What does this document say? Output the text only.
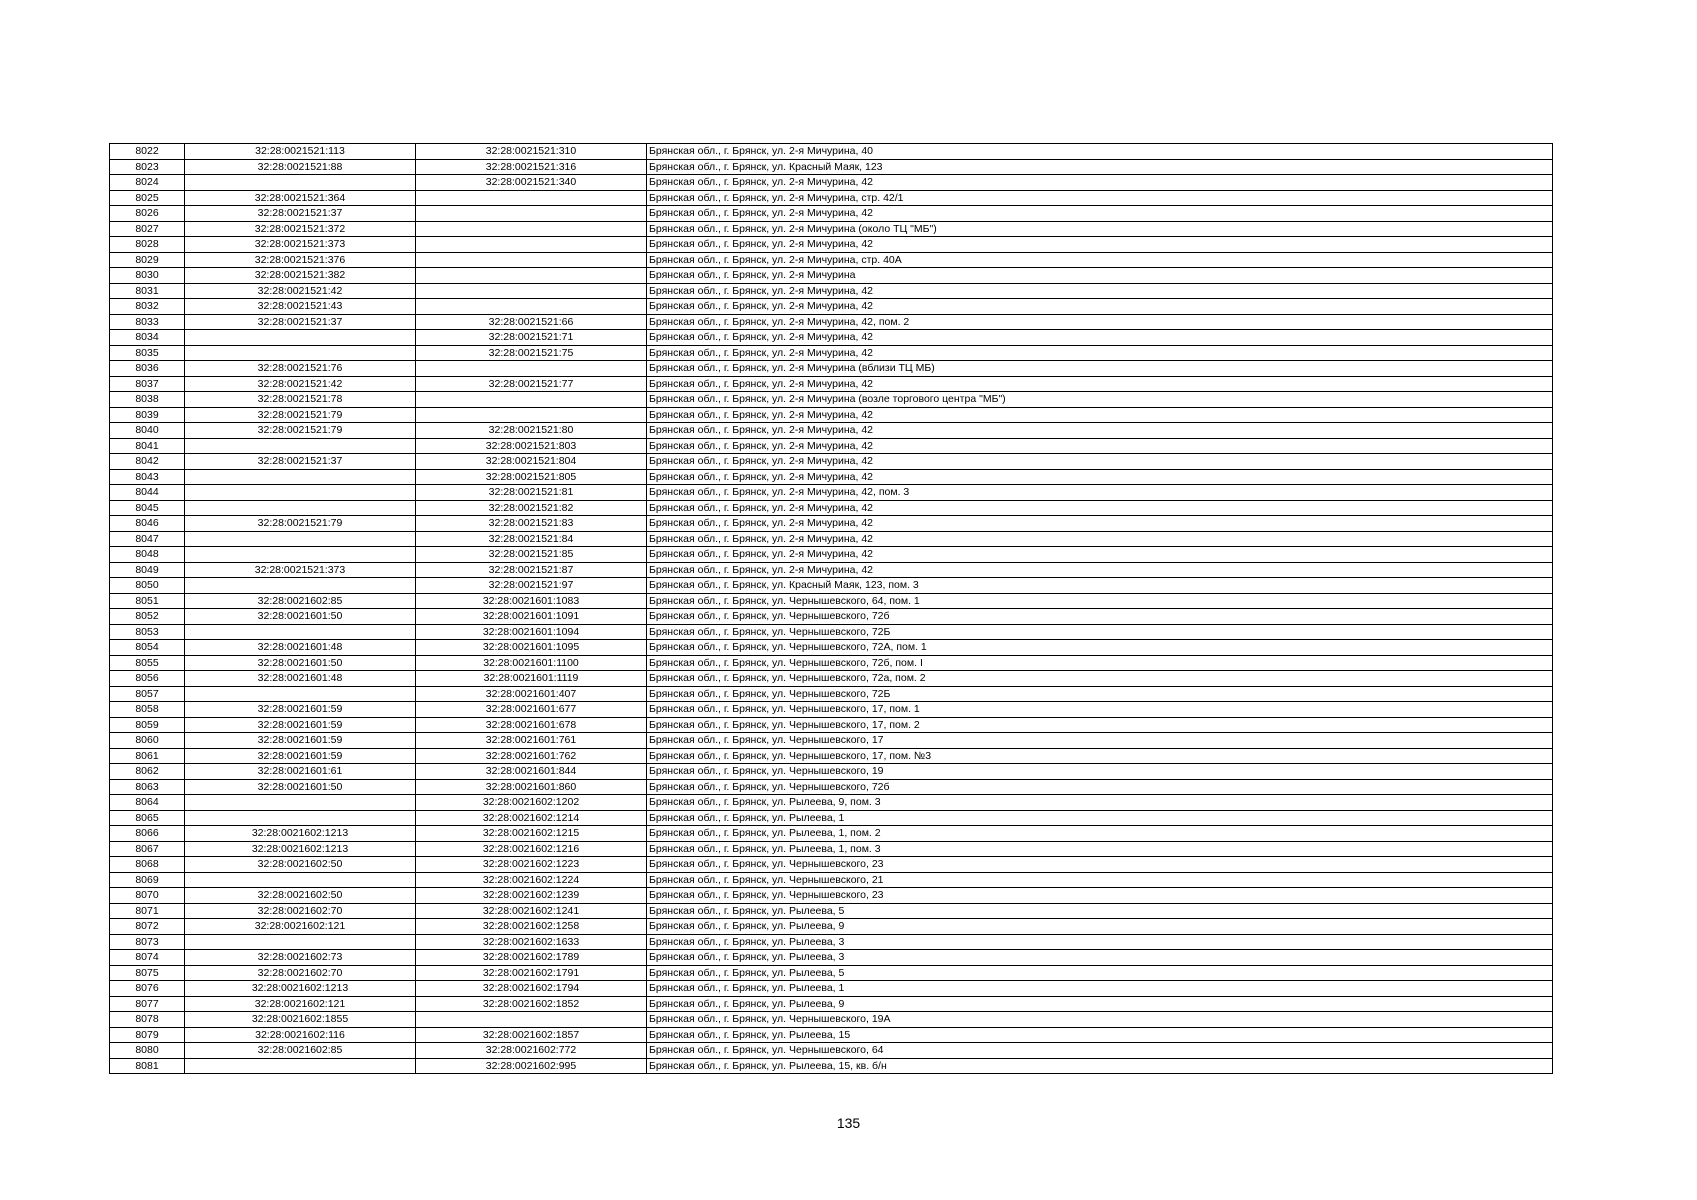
8022	32:28:0021521:113	32:28:0021521:310	Брянская обл., г. Брянск, ул. 2-я Мичурина, 40
8023	32:28:0021521:88	32:28:0021521:316	Брянская обл., г. Брянск, ул. Красный Маяк, 123
8024		32:28:0021521:340	Брянская обл., г. Брянск, ул. 2-я Мичурина, 42
8025	32:28:0021521:364		Брянская обл., г. Брянск, ул. 2-я Мичурина, стр. 42/1
8026	32:28:0021521:37		Брянская обл., г. Брянск, ул. 2-я Мичурина, 42
8027	32:28:0021521:372		Брянская обл., г. Брянск, ул. 2-я Мичурина (около ТЦ "МБ")
8028	32:28:0021521:373		Брянская обл., г. Брянск, ул. 2-я Мичурина, 42
8029	32:28:0021521:376		Брянская обл., г. Брянск, ул. 2-я Мичурина, стр. 40А
8030	32:28:0021521:382		Брянская обл., г. Брянск, ул. 2-я Мичурина
8031	32:28:0021521:42		Брянская обл., г. Брянск, ул. 2-я Мичурина, 42
8032	32:28:0021521:43		Брянская обл., г. Брянск, ул. 2-я Мичурина, 42
8033	32:28:0021521:37	32:28:0021521:66	Брянская обл., г. Брянск, ул. 2-я Мичурина, 42, пом. 2
8034		32:28:0021521:71	Брянская обл., г. Брянск, ул. 2-я Мичурина, 42
8035		32:28:0021521:75	Брянская обл., г. Брянск, ул. 2-я Мичурина, 42
8036	32:28:0021521:76		Брянская обл., г. Брянск, ул. 2-я Мичурина (вблизи ТЦ МБ)
8037	32:28:0021521:42	32:28:0021521:77	Брянская обл., г. Брянск, ул. 2-я Мичурина, 42
8038	32:28:0021521:78		Брянская обл., г. Брянск, ул. 2-я Мичурина (возле торгового центра "МБ")
8039	32:28:0021521:79		Брянская обл., г. Брянск, ул. 2-я Мичурина, 42
8040	32:28:0021521:79	32:28:0021521:80	Брянская обл., г. Брянск, ул. 2-я Мичурина, 42
8041		32:28:0021521:803	Брянская обл., г. Брянск, ул. 2-я Мичурина, 42
8042	32:28:0021521:37	32:28:0021521:804	Брянская обл., г. Брянск, ул. 2-я Мичурина, 42
8043		32:28:0021521:805	Брянская обл., г. Брянск, ул. 2-я Мичурина, 42
8044		32:28:0021521:81	Брянская обл., г. Брянск, ул. 2-я Мичурина, 42, пом. 3
8045		32:28:0021521:82	Брянская обл., г. Брянск, ул. 2-я Мичурина, 42
8046	32:28:0021521:79	32:28:0021521:83	Брянская обл., г. Брянск, ул. 2-я Мичурина, 42
8047		32:28:0021521:84	Брянская обл., г. Брянск, ул. 2-я Мичурина, 42
8048		32:28:0021521:85	Брянская обл., г. Брянск, ул. 2-я Мичурина, 42
8049	32:28:0021521:373	32:28:0021521:87	Брянская обл., г. Брянск, ул. 2-я Мичурина, 42
8050		32:28:0021521:97	Брянская обл., г. Брянск, ул. Красный Маяк, 123, пом. 3
8051	32:28:0021602:85	32:28:0021601:1083	Брянская обл., г. Брянск, ул. Чернышевского, 64, пом. 1
8052	32:28:0021601:50	32:28:0021601:1091	Брянская обл., г. Брянск, ул. Чернышевского, 72б
8053		32:28:0021601:1094	Брянская обл., г. Брянск, ул. Чернышевского, 72Б
8054	32:28:0021601:48	32:28:0021601:1095	Брянская обл., г. Брянск, ул. Чернышевского, 72А, пом. 1
8055	32:28:0021601:50	32:28:0021601:1100	Брянская обл., г. Брянск, ул. Чернышевского, 72б, пом. I
8056	32:28:0021601:48	32:28:0021601:1119	Брянская обл., г. Брянск, ул. Чернышевского, 72а, пом. 2
8057		32:28:0021601:407	Брянская обл., г. Брянск, ул. Чернышевского, 72Б
8058	32:28:0021601:59	32:28:0021601:677	Брянская обл., г. Брянск, ул. Чернышевского, 17, пом. 1
8059	32:28:0021601:59	32:28:0021601:678	Брянская обл., г. Брянск, ул. Чернышевского, 17, пом. 2
8060	32:28:0021601:59	32:28:0021601:761	Брянская обл., г. Брянск, ул. Чернышевского, 17
8061	32:28:0021601:59	32:28:0021601:762	Брянская обл., г. Брянск, ул. Чернышевского, 17, пом. №3
8062	32:28:0021601:61	32:28:0021601:844	Брянская обл., г. Брянск, ул. Чернышевского, 19
8063	32:28:0021601:50	32:28:0021601:860	Брянская обл., г. Брянск, ул. Чернышевского, 72б
8064		32:28:0021602:1202	Брянская обл., г. Брянск, ул. Рылеева, 9, пом. 3
8065		32:28:0021602:1214	Брянская обл., г. Брянск, ул. Рылеева, 1
8066	32:28:0021602:1213	32:28:0021602:1215	Брянская обл., г. Брянск, ул. Рылеева, 1, пом. 2
8067	32:28:0021602:1213	32:28:0021602:1216	Брянская обл., г. Брянск, ул. Рылеева, 1, пом. 3
8068	32:28:0021602:50	32:28:0021602:1223	Брянская обл., г. Брянск, ул. Чернышевского, 23
8069		32:28:0021602:1224	Брянская обл., г. Брянск, ул. Чернышевского, 21
8070	32:28:0021602:50	32:28:0021602:1239	Брянская обл., г. Брянск, ул. Чернышевского, 23
8071	32:28:0021602:70	32:28:0021602:1241	Брянская обл., г. Брянск, ул. Рылеева, 5
8072	32:28:0021602:121	32:28:0021602:1258	Брянская обл., г. Брянск, ул. Рылеева, 9
8073		32:28:0021602:1633	Брянская обл., г. Брянск, ул. Рылеева, 3
8074	32:28:0021602:73	32:28:0021602:1789	Брянская обл., г. Брянск, ул. Рылеева, 3
8075	32:28:0021602:70	32:28:0021602:1791	Брянская обл., г. Брянск, ул. Рылеева, 5
8076	32:28:0021602:1213	32:28:0021602:1794	Брянская обл., г. Брянск, ул. Рылеева, 1
8077	32:28:0021602:121	32:28:0021602:1852	Брянская обл., г. Брянск, ул. Рылеева, 9
8078	32:28:0021602:1855		Брянская обл., г. Брянск, ул. Чернышевского, 19А
8079	32:28:0021602:116	32:28:0021602:1857	Брянская обл., г. Брянск, ул. Рылеева, 15
8080	32:28:0021602:85	32:28:0021602:772	Брянская обл., г. Брянск, ул. Чернышевского, 64
8081		32:28:0021602:995	Брянская обл., г. Брянск, ул. Рылеева, 15, кв. б/н
135
